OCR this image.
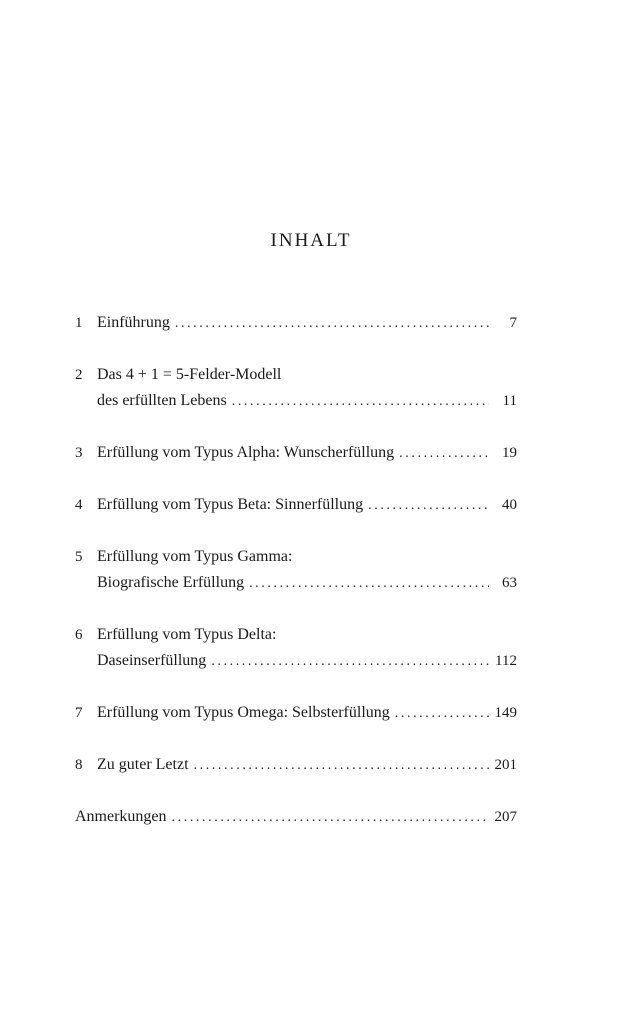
INHALT
1 Einführung .....	7
2 Das 4 + 1 = 5-Felder-Modell
des erfüllten Lebens .....	11
3 Erfüllung vom Typus Alpha: Wunscherfüllung .....	19
4 Erfüllung vom Typus Beta: Sinnerfüllung .....	40
5 Erfüllung vom Typus Gamma:
Biografische Erfüllung .....	63
6 Erfüllung vom Typus Delta:
Daseinserfüllung .....	112
7 Erfüllung vom Typus Omega: Selbsterfüllung .....	149
8 Zu guter Letzt .....	201
Anmerkungen .....	207
